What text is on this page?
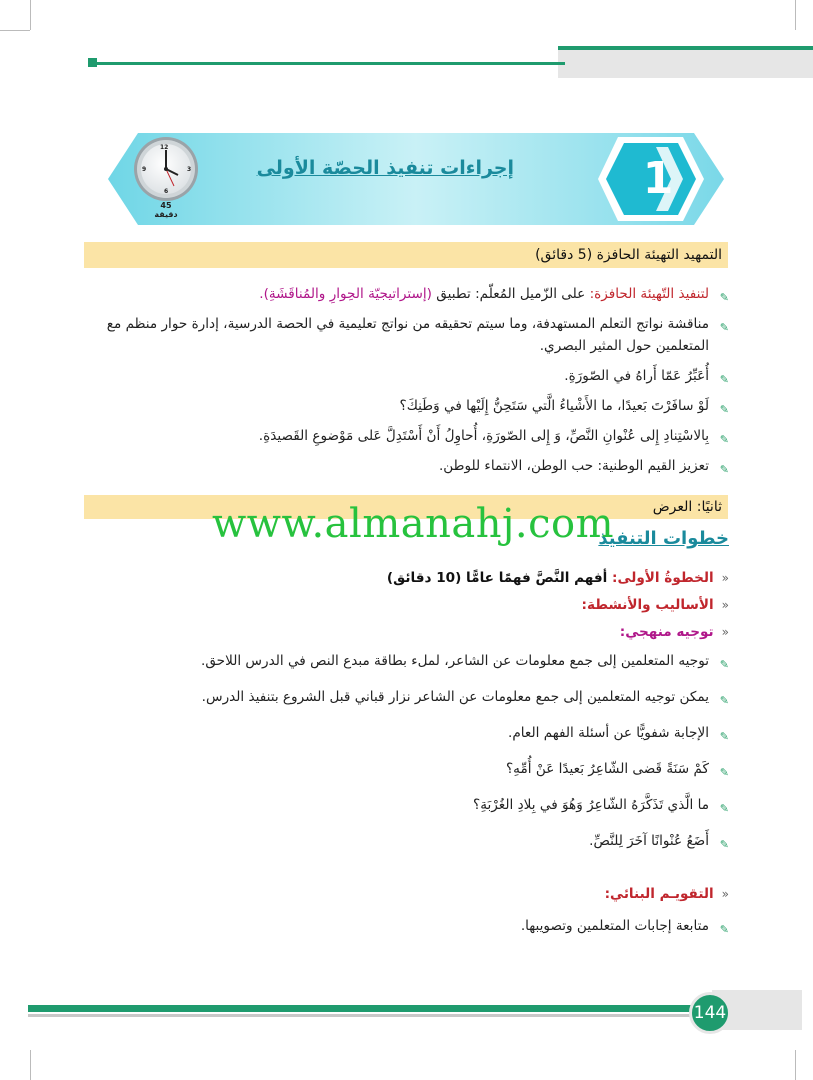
12
3
6
9
45
دقيقة
إجراءات تنفيذ الحصّة الأولى	1
التمهيد التهيئة الحافزة (5 دقائق)
✎
لتنفيذ التّهيئة الحافزة: على الزّميل المُعلّم: تطبيق (إستراتيجيّة الحِوارِ والمُناقَشَةِ).
✎
مناقشة نواتج التعلم المستهدفة، وما سيتم تحقيقه من نواتج تعليمية في الحصة الدرسية، إدارة حوار منظم مع المتعلمين حول المثير البصري.
✎
أُعَبِّرُ عَمّا أَراهُ في الصّورَةِ.
✎
لَوْ سافَرْتَ بَعيدًا، ما الأَشْياءُ الَّتي سَتَحِنُّ إِلَيْها في وَطَنِكَ؟
✎
بِالاسْتِنادِ إِلى عُنْوانِ النَّصِّ، وَ إِلى الصّورَةِ، أُحاوِلُ أَنْ أَسْتَدِلَّ عَلى مَوْضوعِ القَصيدَةِ.
✎
تعزيز القيم الوطنية: حب الوطن، الانتماء للوطن.
ثانيًا: العرض
www.almanahj.com
خطوات التنفيذ
«الخطوةُ الأولى: أفهم النَّصَّ فهمًا عامًّا (10 دقائق)
«الأساليب والأنشطة:
«توجيه منهجي:
✎
توجيه المتعلمين إلى جمع معلومات عن الشاعر، لملء بطاقة مبدع النص في الدرس اللاحق.
✎
يمكن توجيه المتعلمين إلى جمع معلومات عن الشاعر نزار قباني قبل الشروع بتنفيذ الدرس.
✎
الإجابة شفويًّا عن أسئلة الفهم العام.
✎
كَمْ سَنَةً قَضى الشّاعِرُ بَعيدًا عَنْ أُمِّهِ؟
✎
ما الَّذي تَذَكَّرَهُ الشّاعِرُ وَهُوَ في بِلادِ الغُرْبَةِ؟
✎
أَضَعُ عُنْوانًا آخَرَ لِلنَّصِّ.
«التقويـم البنائي:
✎
متابعة إجابات المتعلمين وتصويبها.
144
